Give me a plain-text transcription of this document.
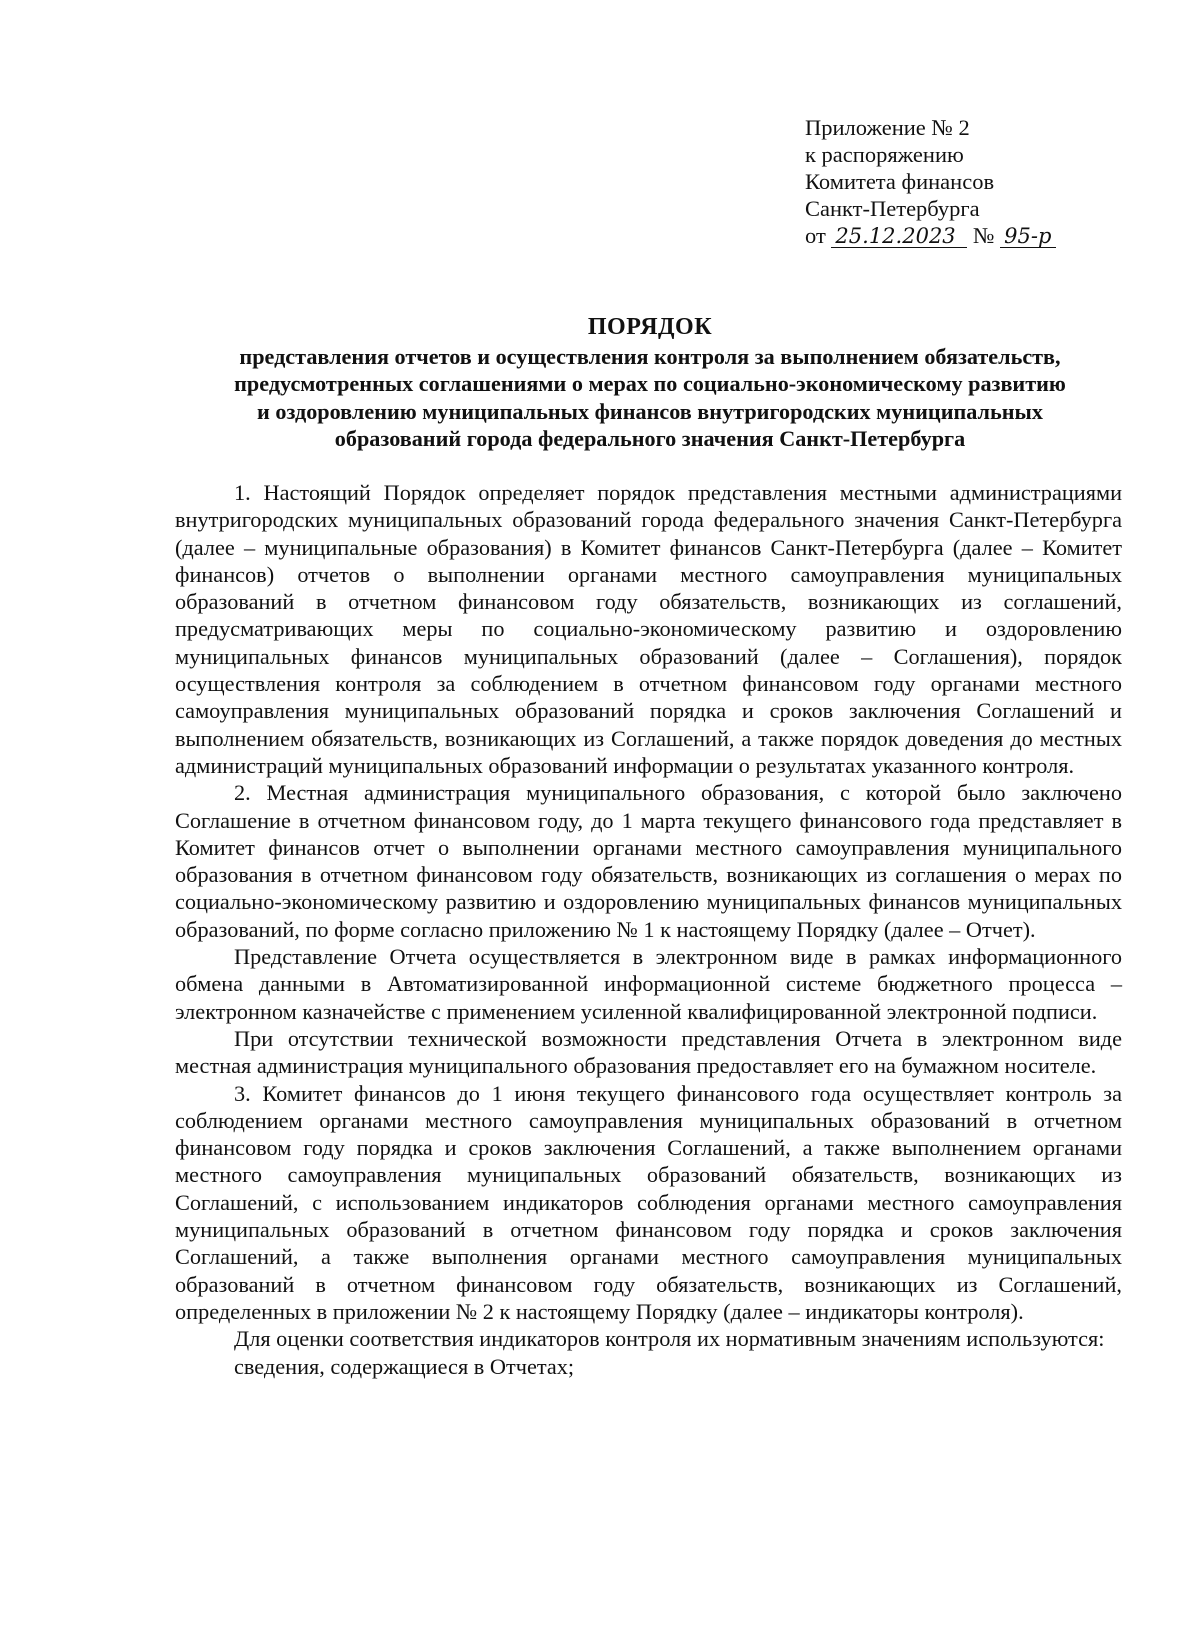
Приложение № 2
к распоряжению
Комитета финансов
Санкт-Петербурга
от 25.12.2023 № 95-р
ПОРЯДОК
представления отчетов и осуществления контроля за выполнением обязательств,
предусмотренных соглашениями о мерах по социально-экономическому развитию
и оздоровлению муниципальных финансов внутригородских муниципальных
образований города федерального значения Санкт-Петербурга

1. Настоящий Порядок определяет порядок представления местными администрациями внутригородских муниципальных образований города федерального значения Санкт-Петербурга (далее – муниципальные образования) в Комитет финансов Санкт-Петербурга (далее – Комитет финансов) отчетов о выполнении органами местного самоуправления муниципальных образований в отчетном финансовом году обязательств, возникающих из соглашений, предусматривающих меры по социально-экономическому развитию и оздоровлению муниципальных финансов муниципальных образований (далее – Соглашения), порядок осуществления контроля за соблюдением в отчетном финансовом году органами местного самоуправления муниципальных образований порядка и сроков заключения Соглашений и выполнением обязательств, возникающих из Соглашений, а также порядок доведения до местных администраций муниципальных образований информации о результатах указанного контроля.

2. Местная администрация муниципального образования, с которой было заключено Соглашение в отчетном финансовом году, до 1 марта текущего финансового года представляет в Комитет финансов отчет о выполнении органами местного самоуправления муниципального образования в отчетном финансовом году обязательств, возникающих из соглашения о мерах по социально-экономическому развитию и оздоровлению муниципальных финансов муниципальных образований, по форме согласно приложению № 1 к настоящему Порядку (далее – Отчет).

Представление Отчета осуществляется в электронном виде в рамках информационного обмена данными в Автоматизированной информационной системе бюджетного процесса – электронном казначействе с применением усиленной квалифицированной электронной подписи.

При отсутствии технической возможности представления Отчета в электронном виде местная администрация муниципального образования предоставляет его на бумажном носителе.

3. Комитет финансов до 1 июня текущего финансового года осуществляет контроль за соблюдением органами местного самоуправления муниципальных образований в отчетном финансовом году порядка и сроков заключения Соглашений, а также выполнением органами местного самоуправления муниципальных образований обязательств, возникающих из Соглашений, с использованием индикаторов соблюдения органами местного самоуправления муниципальных образований в отчетном финансовом году порядка и сроков заключения Соглашений, а также выполнения органами местного самоуправления муниципальных образований в отчетном финансовом году обязательств, возникающих из Соглашений, определенных в приложении № 2 к настоящему Порядку (далее – индикаторы контроля).

Для оценки соответствия индикаторов контроля их нормативным значениям используются:

сведения, содержащиеся в Отчетах;
